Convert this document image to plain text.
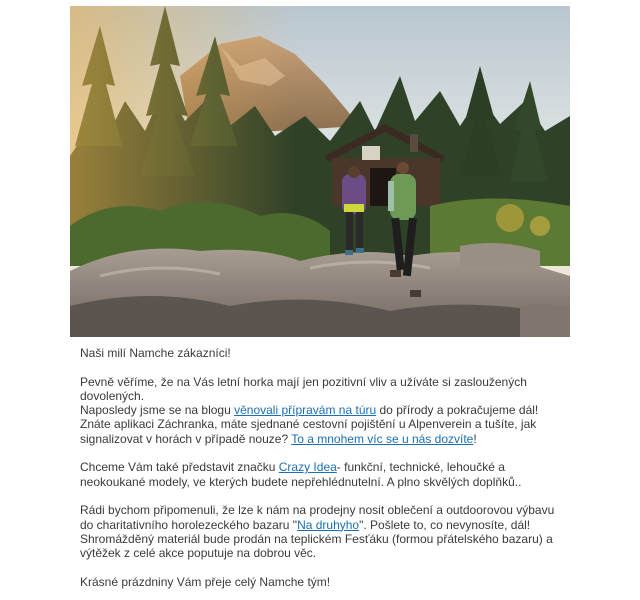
Naši milí Namche zákazníci!

Pevně věříme, že na Vás letní horka mají jen pozitivní vliv a užíváte si zasloužených dovolených.
Naposledy jsme se na blogu věnovali přípravám na túru do přírody a pokračujeme dál!
Znáte aplikaci Záchranka, máte sjednané cestovní pojištění u Alpenverein a tušíte, jak signalizovat v horách v případě nouze? To a mnohem víc se u nás dozvíte!

Chceme Vám také představit značku Crazy Idea- funkční, technické, lehoučké a neokoukané modely, ve kterých budete nepřehlédnutelní. A plno skvělých doplňků..

Rádi bychom připomenuli, že lze k nám na prodejny nosit oblečení a outdoorovou výbavu do charitativního horolezeckého bazaru "Na druhyho". Pošlete to, co nevynosíte, dál! Shromážděný materiál bude prodán na teplickém Fesťáku (formou přátelského bazaru) a výtěžek z celé akce poputuje na dobrou věc.

Krásné prázdniny Vám přeje celý Namche tým!
